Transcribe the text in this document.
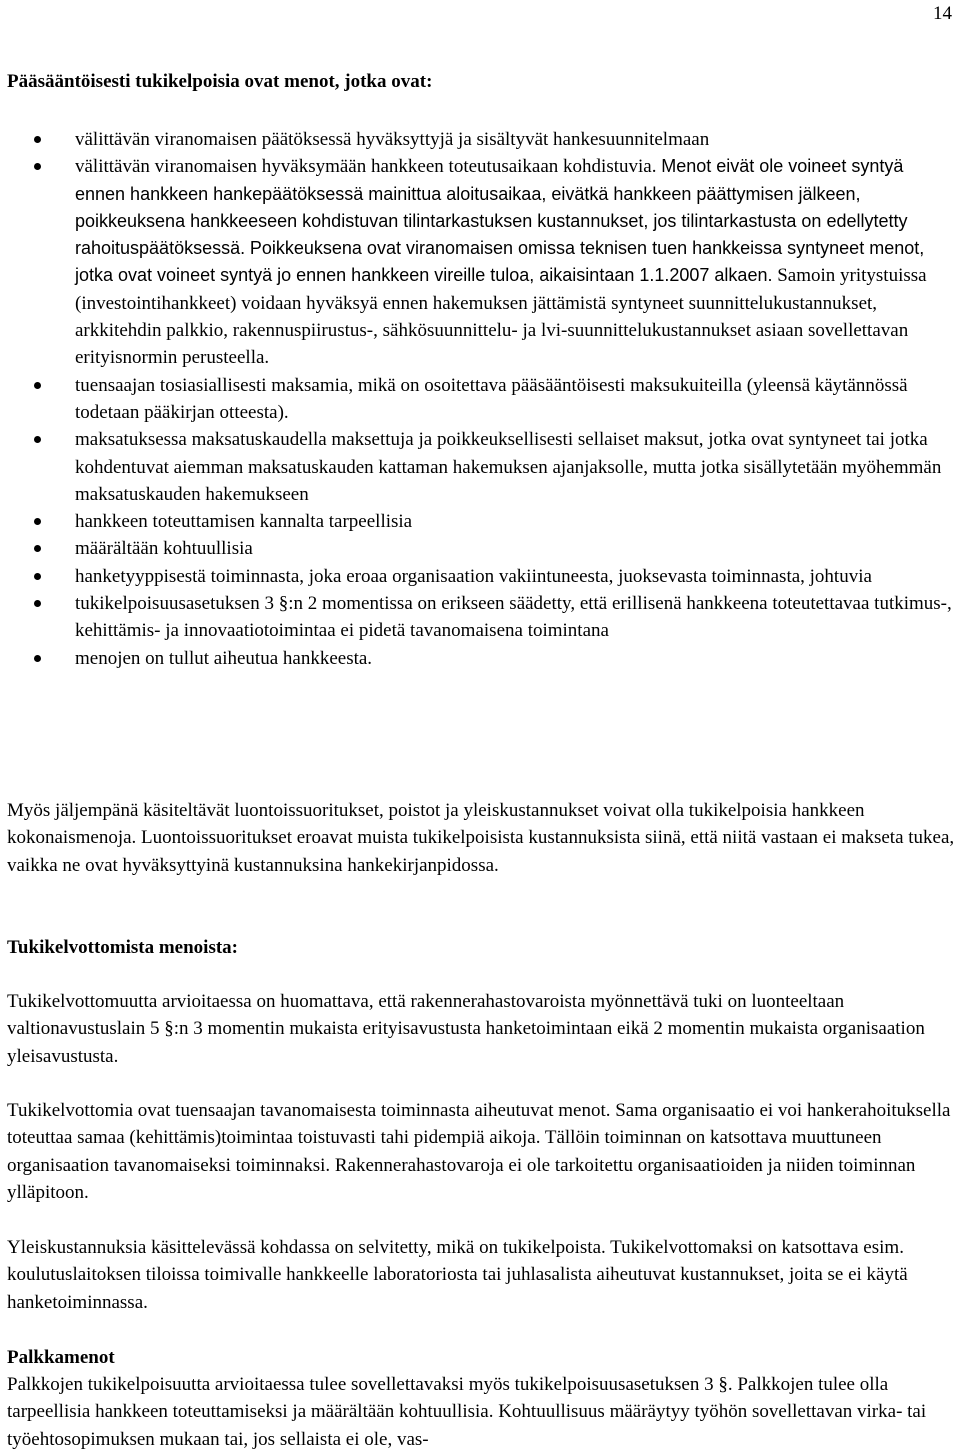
14

Pääsääntöisesti tukikelpoisia ovat menot, jotka ovat:

välittävän viranomaisen päätöksessä hyväksyttyjä ja sisältyvät hankesuunnitelmaan
välittävän viranomaisen hyväksymään hankkeen toteutusaikaan kohdistuvia. Menot eivät ole voineet syntyä ennen hankkeen hankepäätöksessä mainittua aloitusaikaa, eivätkä hankkeen päättymisen jälkeen, poikkeuksena hankkeeseen kohdistuvan tilintarkastuksen kustannukset, jos tilintarkastusta on edellytetty rahoituspäätöksessä. Poikkeuksena ovat viranomaisen omissa teknisen tuen hankkeissa syntyneet menot, jotka ovat voineet syntyä jo ennen hankkeen vireille tuloa, aikaisintaan 1.1.2007 alkaen. Samoin yritystuissa (investointihankkeet) voidaan hyväksyä ennen hakemuksen jättämistä syntyneet suunnittelukustannukset, arkkitehdin palkkio, rakennuspiirustus-, sähkösuunnittelu- ja lvi-suunnittelukustannukset asiaan sovellettavan erityisnormin perusteella.
tuensaajan tosiasiallisesti maksamia, mikä on osoitettava pääsääntöisesti maksukuiteilla (yleensä käytännössä todetaan pääkirjan otteesta).
maksatuksessa maksatuskaudella maksettuja ja poikkeuksellisesti sellaiset maksut, jotka ovat syntyneet tai jotka kohdentuvat aiemman maksatuskauden kattaman hakemuksen ajanjaksolle, mutta jotka sisällytetään myöhemmän maksatuskauden hakemukseen
hankkeen toteuttamisen kannalta tarpeellisia
määrältään kohtuullisia
hanketyyppisestä toiminnasta, joka eroaa organisaation vakiintuneesta, juoksevasta toiminnasta, johtuvia
tukikelpoisuusasetuksen 3 §:n 2 momentissa on erikseen säädetty, että erillisenä hankkeena toteutettavaa tutkimus-, kehittämis- ja innovaatiotoimintaa ei pidetä tavanomaisena toimintana
menojen on tullut aiheutua hankkeesta.

Myös jäljempänä käsiteltävät luontoissuoritukset, poistot ja yleiskustannukset voivat olla tukikelpoisia hankkeen kokonaismenoja. Luontoissuoritukset eroavat muista tukikelpoisista kustannuksista siinä, että niitä vastaan ei makseta tukea, vaikka ne ovat hyväksyttyinä kustannuksina hankekirjanpidossa.

Tukikelvottomista menoista:

Tukikelvottomuutta arvioitaessa on huomattava, että rakennerahastovaroista myönnettävä tuki on luonteeltaan valtionavustuslain 5 §:n 3 momentin mukaista erityisavustusta hanketoimintaan eikä 2 momentin mukaista organisaation yleisavustusta.

Tukikelvottomia ovat tuensaajan tavanomaisesta toiminnasta aiheutuvat menot. Sama organisaatio ei voi hankerahoituksella toteuttaa samaa (kehittämis)toimintaa toistuvasti tahi pidempiä aikoja. Tällöin toiminnan on katsottava muuttuneen organisaation tavanomaiseksi toiminnaksi. Rakennerahastovaroja ei ole tarkoitettu organisaatioiden ja niiden toiminnan ylläpitoon.

Yleiskustannuksia käsittelevässä kohdassa on selvitetty, mikä on tukikelpoista. Tukikelvottomaksi on katsottava esim. koulutuslaitoksen tiloissa toimivalle hankkeelle laboratoriosta tai juhlasalista aiheutuvat kustannukset, joita se ei käytä hanketoiminnassa.

Palkkamenot

Palkkojen tukikelpoisuutta arvioitaessa tulee sovellettavaksi myös tukikelpoisuusasetuksen 3 §. Palkkojen tulee olla tarpeellisia hankkeen toteuttamiseksi ja määrältään kohtuullisia. Kohtuullisuus määräytyy työhön sovellettavan virka- tai työehtosopimuksen mukaan tai, jos sellaista ei ole, vas-
